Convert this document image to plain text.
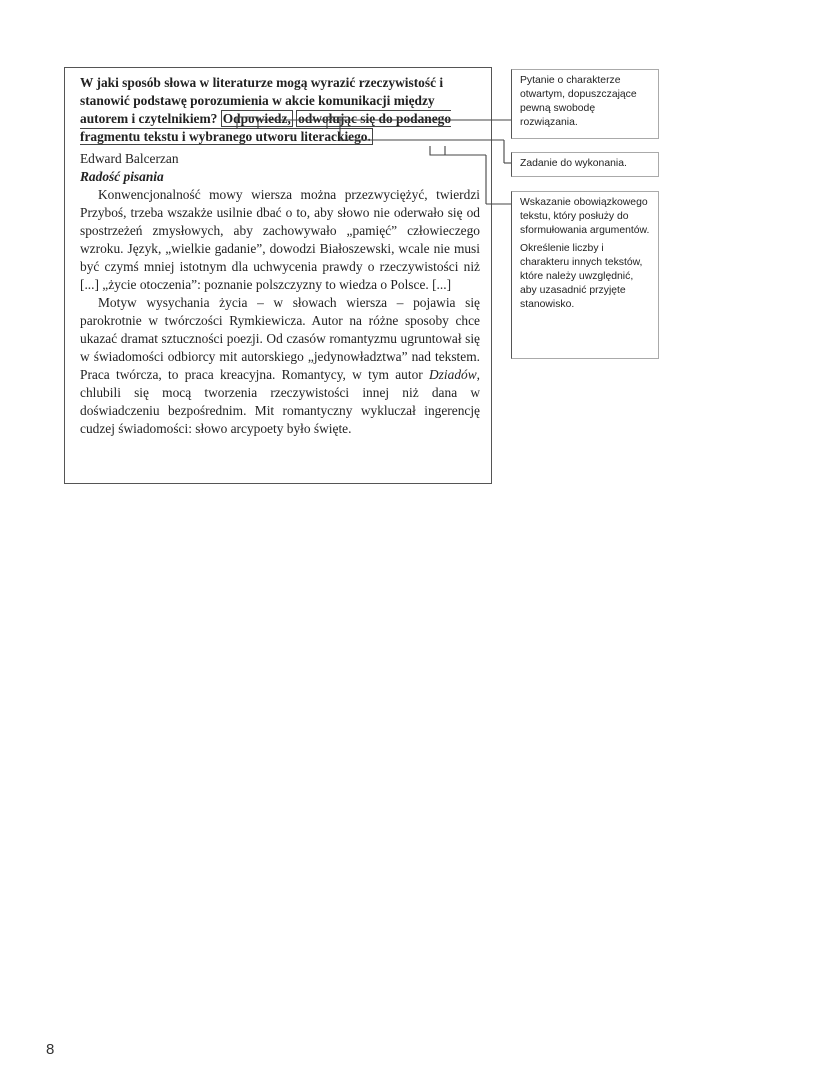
W jaki sposób słowa w literaturze mogą wyrazić rzeczywistość i stanowić podstawę porozumienia w akcie komunikacji między autorem i czytelnikiem? Odpowiedz, odwołując się do podanego fragmentu tekstu i wybranego utworu literackiego.
Edward Balcerzan
Radość pisania

Konwencjonalność mowy wiersza można przezwyciężyć, twierdzi Przyboś, trzeba wszakże usilnie dbać o to, aby słowo nie oderwało się od spostrzeżeń zmysłowych, aby zachowywało „pamięć” człowieczego wzroku. Język, „wielkie gadanie”, dowodzi Białoszewski, wcale nie musi być czymś mniej istotnym dla uchwycenia prawdy o rzeczywistości niż [...] „życie otoczenia”: poznanie polszczyzny to wiedza o Polsce. [...]

Motyw wysychania życia – w słowach wiersza – pojawia się parokrotnie w twórczości Rymkiewicza. Autor na różne sposoby chce ukazać dramat sztuczności poezji. Od czasów romantyzmu ugruntował się w świadomości odbiorcy mit autorskiego „jedynowładztwa” nad tekstem. Praca twórcza, to praca kreacyjna. Romantycy, w tym autor Dziadów, chlubili się mocą tworzenia rzeczywistości innej niż dana w doświadczeniu bezpośrednim. Mit romantyczny wykluczał ingerencję cudzej świadomości: słowo arcypoety było święte.

Pytanie o charakterze otwartym, dopuszczające pewną swobodę rozwiązania.

Zadanie do wykonania.

Wskazanie obowiązkowego tekstu, który posłuży do sformułowania argumentów.

Określenie liczby i charakteru innych tekstów, które należy uwzględnić, aby uzasadnić przyjęte stanowisko.

8
